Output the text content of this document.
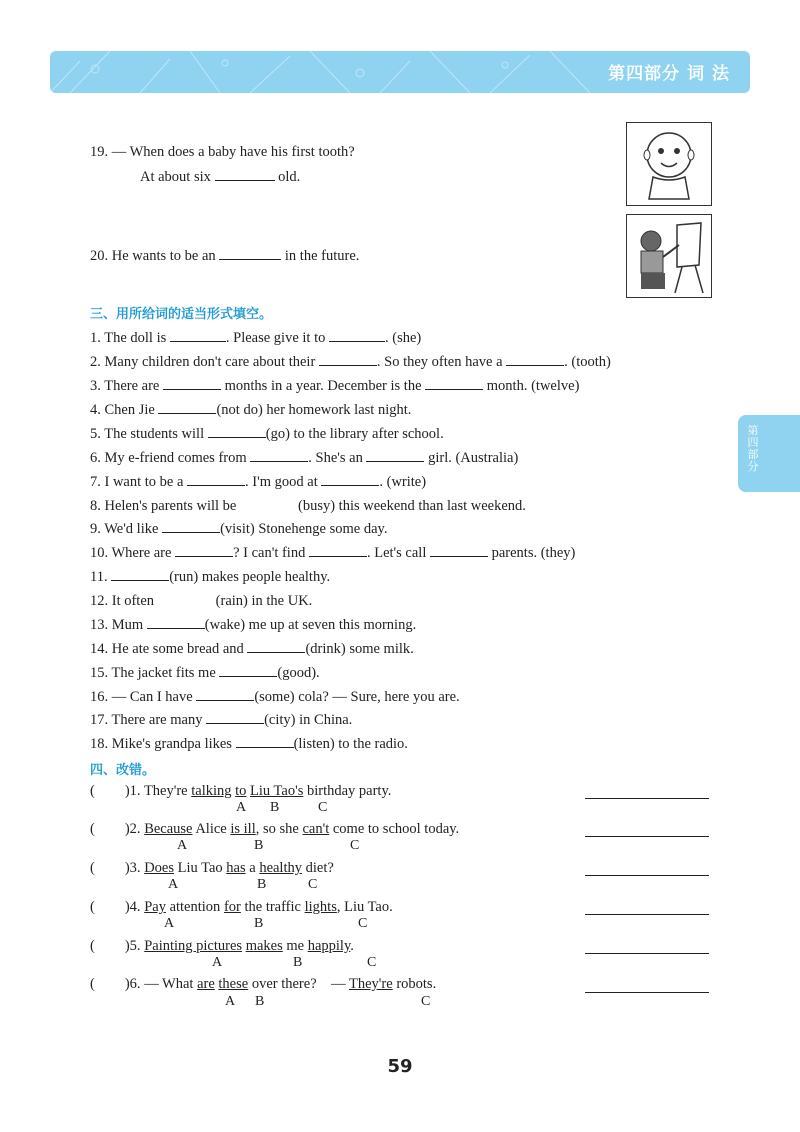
第四部分 词 法
第四部分
19. — When does a baby have his first tooth?
At about six	old.
20. He wants to be an	in the future.
三、用所给词的适当形式填空。
1. The doll is	. Please give it to	. (she)
2. Many children don't care about their	. So they often have a	. (tooth)
3. There are	months in a year. December is the	month. (twelve)
4. Chen Jie	(not do) her homework last night.
5. The students will	(go) to the library after school.
6. My e-friend comes from	. She's an	girl. (Australia)
7. I want to be a	. I'm good at	. (write)
8. Helen's parents will be	(busy) this weekend than last weekend.
9. We'd like	(visit) Stonehenge some day.
10. Where are	? I can't find	. Let's call	parents. (they)
11.	(run) makes people healthy.
12. It often	(rain) in the UK.
13. Mum	(wake) me up at seven this morning.
14. He ate some bread and	(drink) some milk.
15. The jacket fits me	(good).
16. — Can I have	(some) cola? — Sure, here you are.
17. There are many	(city) in China.
18. Mike's grandpa likes	(listen) to the radio.
四、改错。
( )1. They're talking to Liu Tao's birthday party.
A B	C
( )2. Because Alice is ill, so she can't come to school today.
A	B	C
( )3. Does Liu Tao has a healthy diet?
A	B	C
( )4. Pay attention for the traffic lights, Liu Tao.
A	B	C
( )5. Painting pictures makes me happily.
A	B	C
( )6. — What are these over there?    — They're robots.
A B	C
59
